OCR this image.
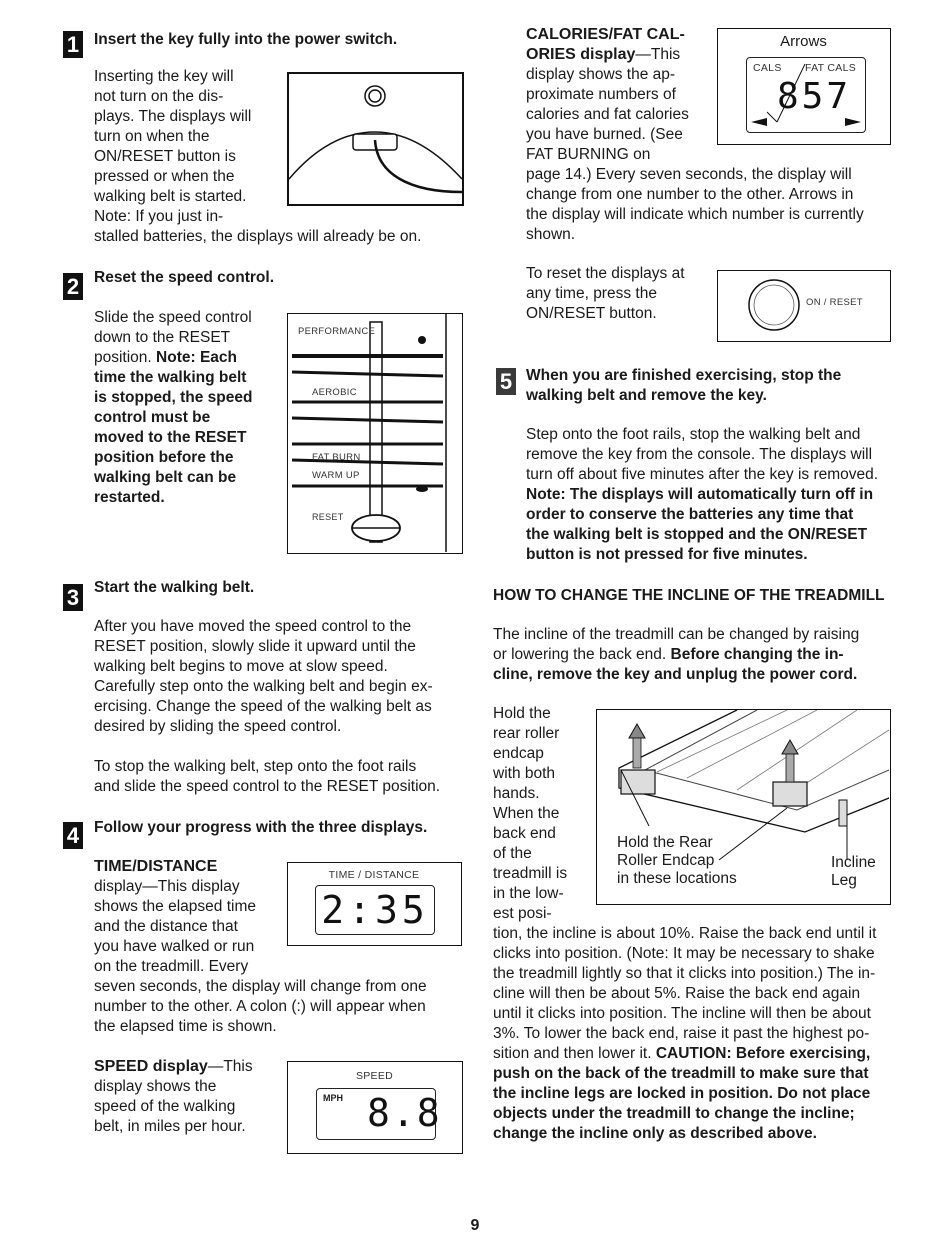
1 Insert the key fully into the power switch.
Inserting the key will
not turn on the dis-
plays. The displays will
turn on when the
ON/RESET button is
pressed or when the
walking belt is started.
Note: If you just in-
stalled batteries, the displays will already be on.
2 Reset the speed control.
Slide the speed control
down to the RESET
position. Note: Each
time the walking belt
is stopped, the speed
control must be
moved to the RESET
position before the
walking belt can be
restarted.
PERFORMANCE
AEROBIC
FAT BURN
WARM UP
RESET
3 Start the walking belt.
After you have moved the speed control to the
RESET position, slowly slide it upward until the
walking belt begins to move at slow speed.
Carefully step onto the walking belt and begin ex-
ercising. Change the speed of the walking belt as
desired by sliding the speed control.
To stop the walking belt, step onto the foot rails
and slide the speed control to the RESET position.
4 Follow your progress with the three displays.
TIME/DISTANCE
display—This display
shows the elapsed time
and the distance that
you have walked or run
on the treadmill. Every
seven seconds, the display will change from one
number to the other. A colon (:) will appear when
the elapsed time is shown.
TIME / DISTANCE
2:35
SPEED display—This
display shows the
speed of the walking
belt, in miles per hour.
SPEED
MPH 8.8
CALORIES/FAT CAL-
ORIES display—This
display shows the ap-
proximate numbers of
calories and fat calories
you have burned. (See
FAT BURNING on
page 14.) Every seven seconds, the display will
change from one number to the other. Arrows in
the display will indicate which number is currently
shown.
Arrows
CALS FAT CALS
857
To reset the displays at
any time, press the
ON/RESET button.
ON / RESET
5 When you are finished exercising, stop the
walking belt and remove the key.
Step onto the foot rails, stop the walking belt and
remove the key from the console. The displays will
turn off about five minutes after the key is removed.
Note: The displays will automatically turn off in
order to conserve the batteries any time that
the walking belt is stopped and the ON/RESET
button is not pressed for five minutes.
HOW TO CHANGE THE INCLINE OF THE TREADMILL
The incline of the treadmill can be changed by raising
or lowering the back end. Before changing the in-
cline, remove the key and unplug the power cord.
Hold the
rear roller
endcap
with both
hands.
When the
back end
of the
treadmill is
in the low-
est posi-
Hold the Rear
Roller Endcap
in these locations
Incline
Leg
tion, the incline is about 10%. Raise the back end until it
clicks into position. (Note: It may be necessary to shake
the treadmill lightly so that it clicks into position.) The in-
cline will then be about 5%. Raise the back end again
until it clicks into position. The incline will then be about
3%. To lower the back end, raise it past the highest po-
sition and then lower it. CAUTION: Before exercising,
push on the back of the treadmill to make sure that
the incline legs are locked in position. Do not place
objects under the treadmill to change the incline;
change the incline only as described above.
9
